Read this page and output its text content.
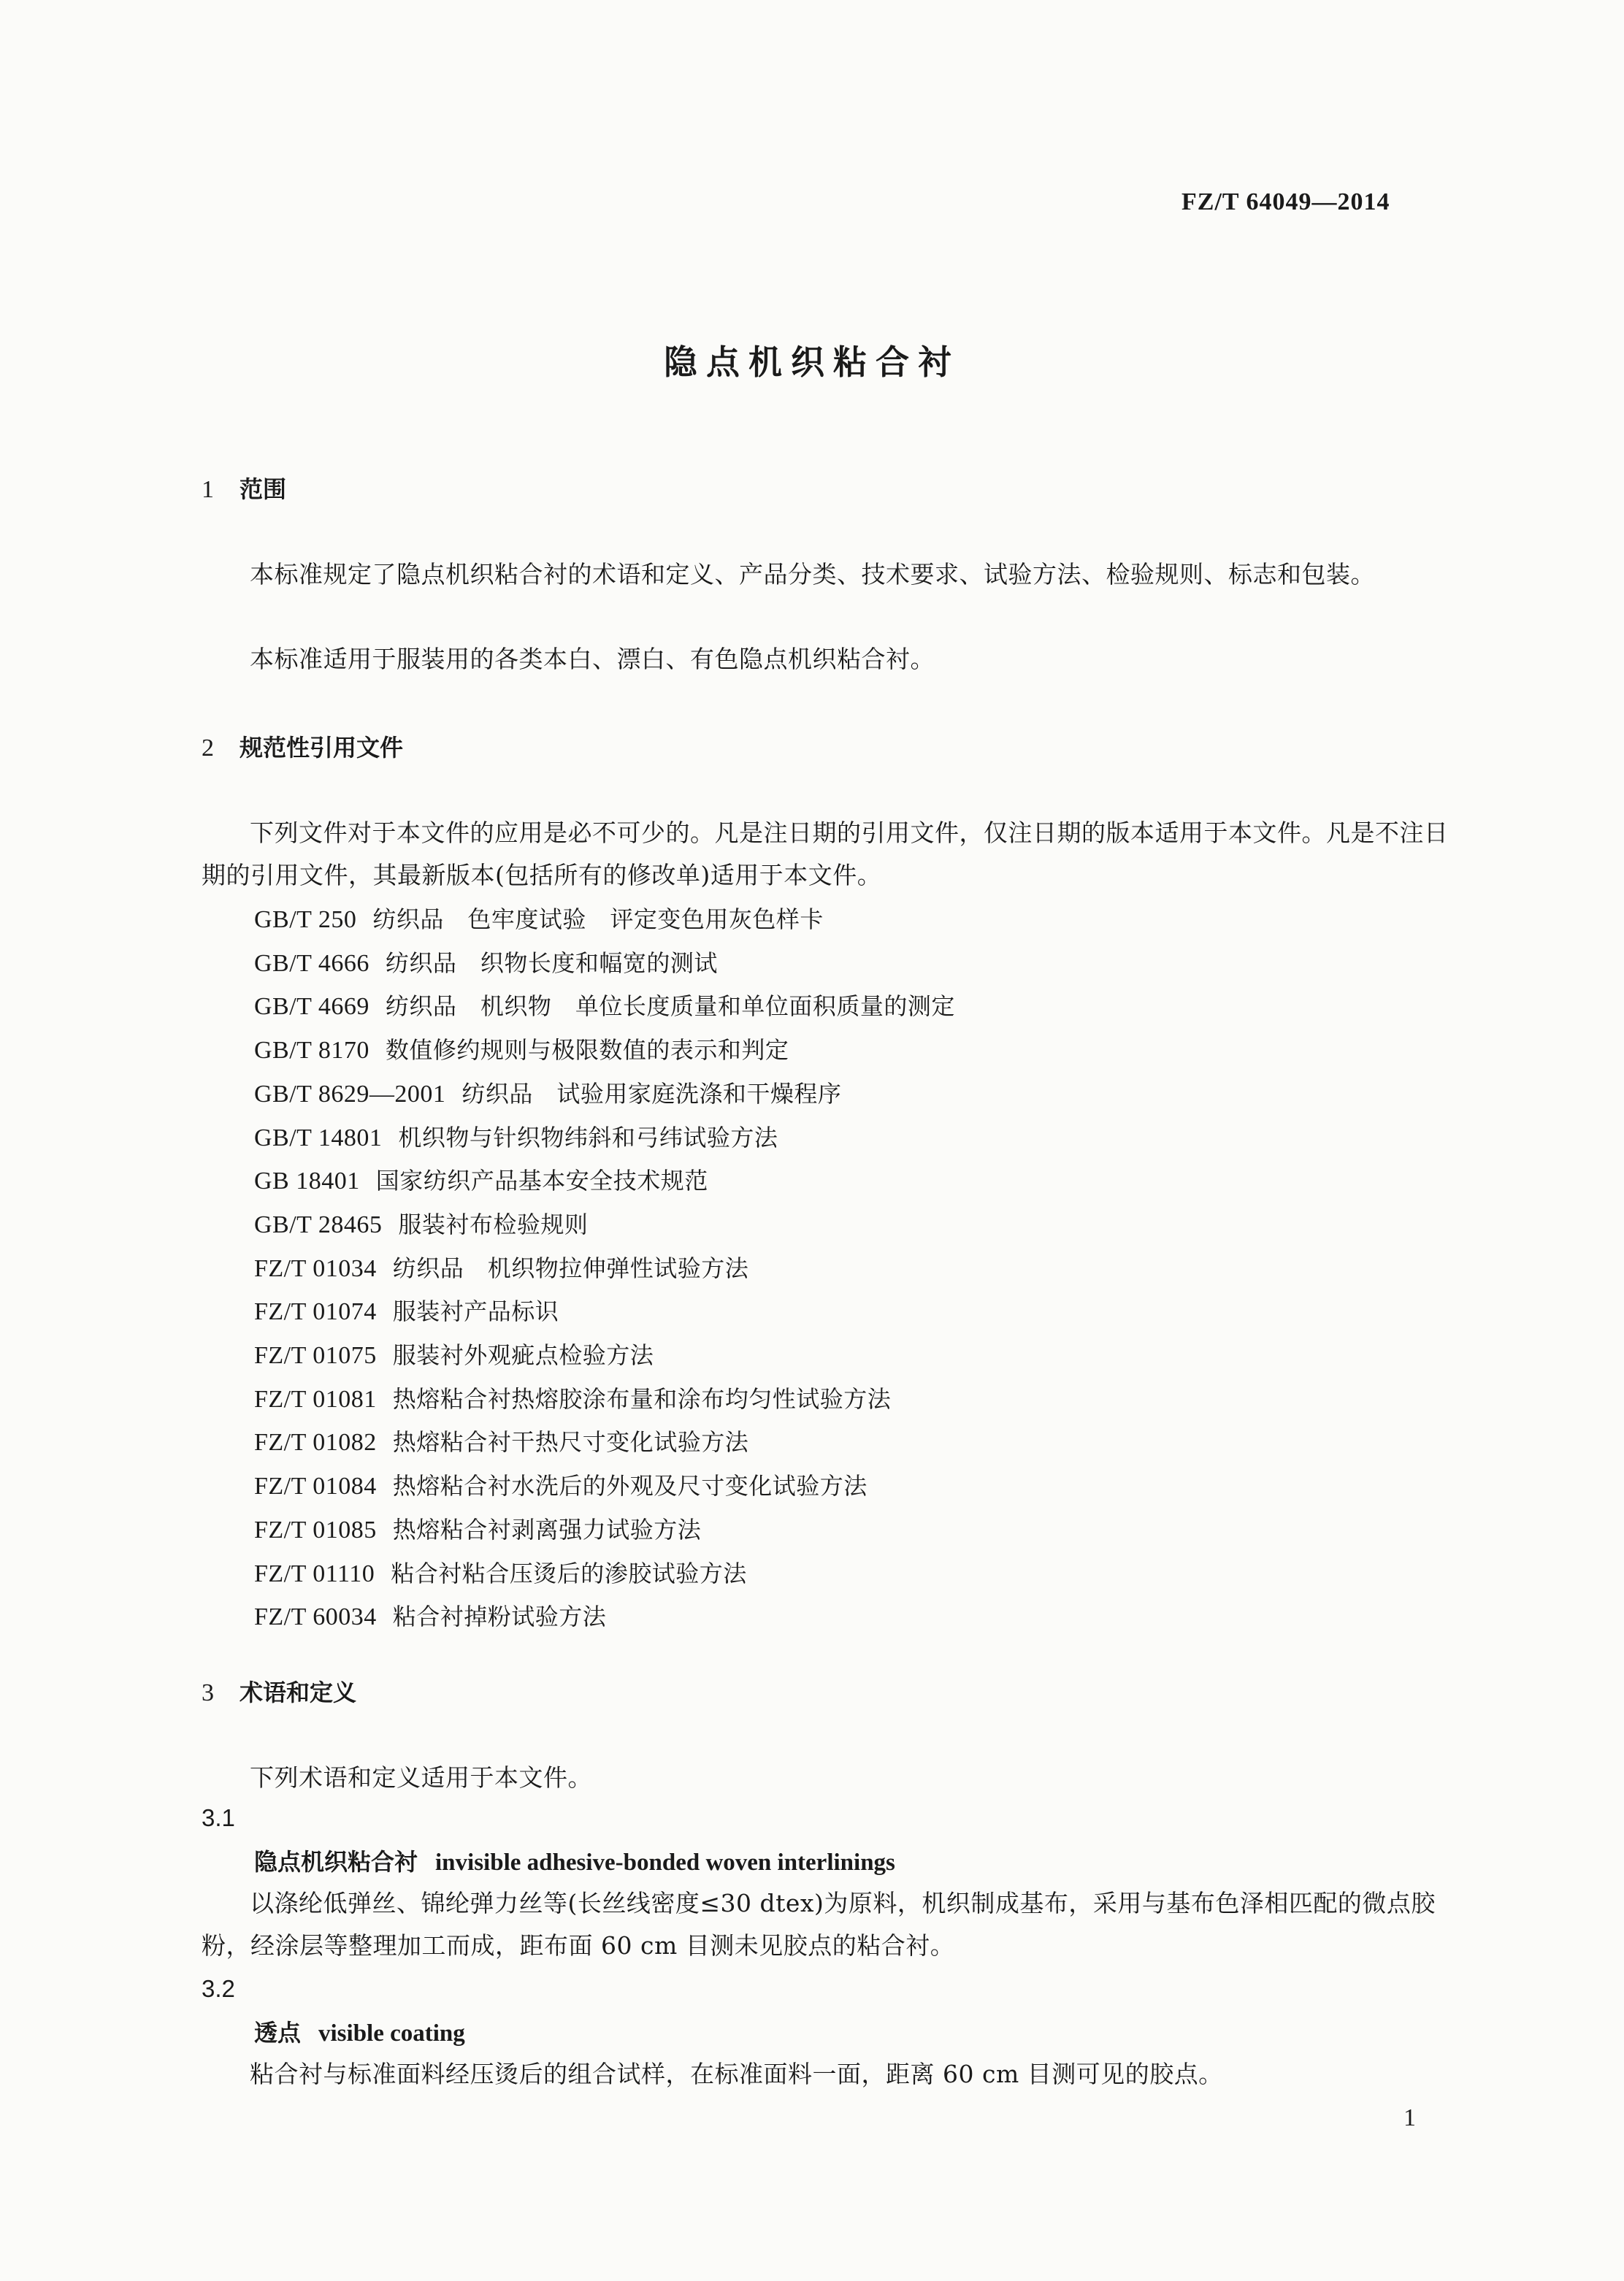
FZ/T 64049—2014
隐点机织粘合衬
1 范围

本标准规定了隐点机织粘合衬的术语和定义、产品分类、技术要求、试验方法、检验规则、标志和包装。

本标准适用于服装用的各类本白、漂白、有色隐点机织粘合衬。

2 规范性引用文件

下列文件对于本文件的应用是必不可少的。凡是注日期的引用文件，仅注日期的版本适用于本文件。凡是不注日期的引用文件，其最新版本(包括所有的修改单)适用于本文件。

GB/T 250 纺织品　色牢度试验　评定变色用灰色样卡
GB/T 4666 纺织品　织物长度和幅宽的测试
GB/T 4669 纺织品　机织物　单位长度质量和单位面积质量的测定
GB/T 8170 数值修约规则与极限数值的表示和判定
GB/T 8629—2001 纺织品　试验用家庭洗涤和干燥程序
GB/T 14801 机织物与针织物纬斜和弓纬试验方法
GB 18401 国家纺织产品基本安全技术规范
GB/T 28465 服装衬布检验规则
FZ/T 01034 纺织品　机织物拉伸弹性试验方法
FZ/T 01074 服装衬产品标识
FZ/T 01075 服装衬外观疵点检验方法
FZ/T 01081 热熔粘合衬热熔胶涂布量和涂布均匀性试验方法
FZ/T 01082 热熔粘合衬干热尺寸变化试验方法
FZ/T 01084 热熔粘合衬水洗后的外观及尺寸变化试验方法
FZ/T 01085 热熔粘合衬剥离强力试验方法
FZ/T 01110 粘合衬粘合压烫后的渗胶试验方法
FZ/T 60034 粘合衬掉粉试验方法
3 术语和定义

下列术语和定义适用于本文件。

3.1
隐点机织粘合衬 invisible adhesive-bonded woven interlinings

以涤纶低弹丝、锦纶弹力丝等(长丝线密度≤30 dtex)为原料，机织制成基布，采用与基布色泽相匹配的微点胶粉，经涂层等整理加工而成，距布面 60 cm 目测未见胶点的粘合衬。

3.2
透点 visible coating

粘合衬与标准面料经压烫后的组合试样，在标准面料一面，距离 60 cm 目测可见的胶点。

1
